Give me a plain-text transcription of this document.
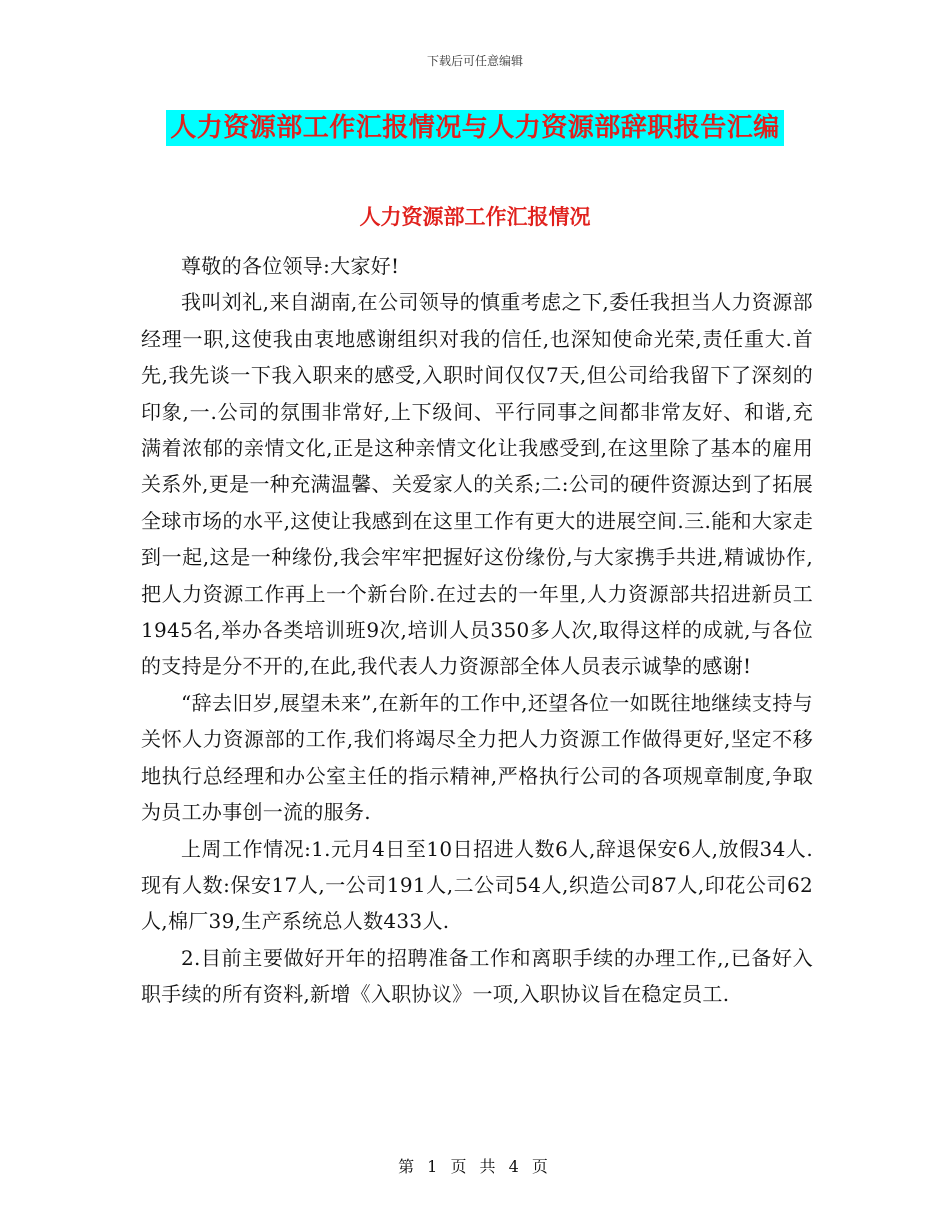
下载后可任意编辑
人力资源部工作汇报情况与人力资源部辞职报告汇编
人力资源部工作汇报情况

尊敬的各位领导:大家好!

我叫刘礼,来自湖南,在公司领导的慎重考虑之下,委任我担当人力资源部经理一职,这使我由衷地感谢组织对我的信任,也深知使命光荣,责任重大.首先,我先谈一下我入职来的感受,入职时间仅仅7天,但公司给我留下了深刻的印象,一.公司的氛围非常好,上下级间、平行同事之间都非常友好、和谐,充满着浓郁的亲情文化,正是这种亲情文化让我感受到,在这里除了基本的雇用关系外,更是一种充满温馨、关爱家人的关系;二:公司的硬件资源达到了拓展全球市场的水平,这使让我感到在这里工作有更大的进展空间.三.能和大家走到一起,这是一种缘份,我会牢牢把握好这份缘份,与大家携手共进,精诚协作,把人力资源工作再上一个新台阶.在过去的一年里,人力资源部共招进新员工1945名,举办各类培训班9次,培训人员350多人次,取得这样的成就,与各位的支持是分不开的,在此,我代表人力资源部全体人员表示诚挚的感谢!

“辞去旧岁,展望未来”,在新年的工作中,还望各位一如既往地继续支持与关怀人力资源部的工作,我们将竭尽全力把人力资源工作做得更好,坚定不移地执行总经理和办公室主任的指示精神,严格执行公司的各项规章制度,争取为员工办事创一流的服务.

上周工作情况:1.元月4日至10日招进人数6人,辞退保安6人,放假34人.现有人数:保安17人,一公司191人,二公司54人,织造公司87人,印花公司62人,棉厂39,生产系统总人数433人.

2.目前主要做好开年的招聘准备工作和离职手续的办理工作,,已备好入职手续的所有资料,新增《入职协议》一项,入职协议旨在稳定员工.

第 1 页 共 4 页
